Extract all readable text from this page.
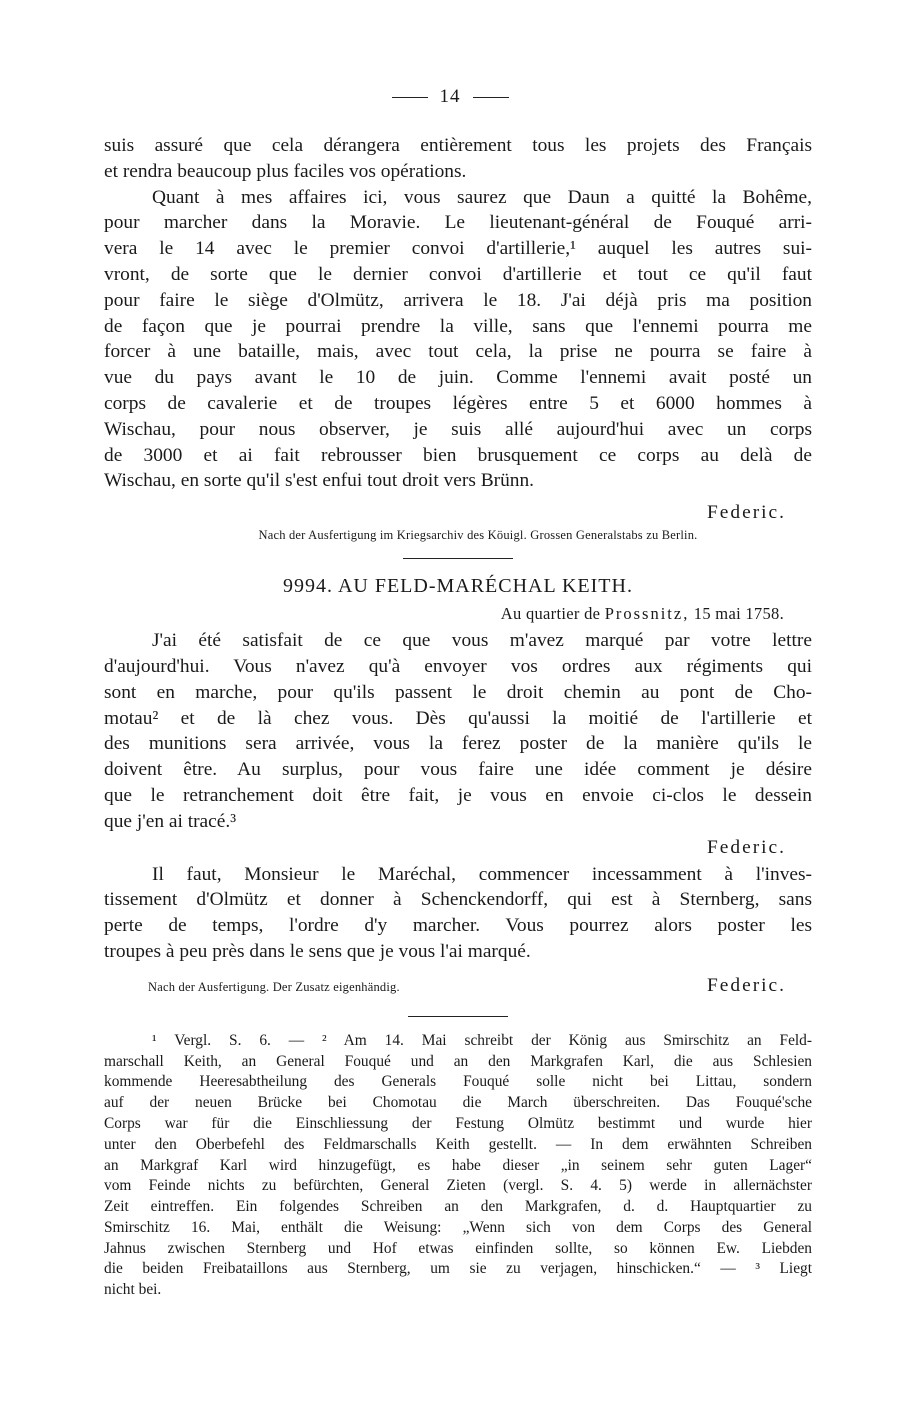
14
suis assuré que cela dérangera entièrement tous les projets des Français
et rendra beaucoup plus faciles vos opérations.
Quant à mes affaires ici, vous saurez que Daun a quitté la Bohême,
pour marcher dans la Moravie. Le lieutenant-général de Fouqué arri-
vera le 14 avec le premier convoi d'artillerie,¹ auquel les autres sui-
vront, de sorte que le dernier convoi d'artillerie et tout ce qu'il faut
pour faire le siège d'Olmütz, arrivera le 18. J'ai déjà pris ma position
de façon que je pourrai prendre la ville, sans que l'ennemi pourra me
forcer à une bataille, mais, avec tout cela, la prise ne pourra se faire à
vue du pays avant le 10 de juin. Comme l'ennemi avait posté un
corps de cavalerie et de troupes légères entre 5 et 6000 hommes à
Wischau, pour nous observer, je suis allé aujourd'hui avec un corps
de 3000 et ai fait rebrousser bien brusquement ce corps au delà de
Wischau, en sorte qu'il s'est enfui tout droit vers Brünn.

Federic.

Nach der Ausfertigung im Kriegsarchiv des Köuigl. Grossen Generalstabs zu Berlin.

9994. AU FELD-MARÉCHAL KEITH.

Au quartier de Prossnitz, 15 mai 1758.

J'ai été satisfait de ce que vous m'avez marqué par votre lettre
d'aujourd'hui. Vous n'avez qu'à envoyer vos ordres aux régiments qui
sont en marche, pour qu'ils passent le droit chemin au pont de Cho-
motau² et de là chez vous. Dès qu'aussi la moitié de l'artillerie et
des munitions sera arrivée, vous la ferez poster de la manière qu'ils le
doivent être. Au surplus, pour vous faire une idée comment je désire
que le retranchement doit être fait, je vous en envoie ci-clos le dessein
que j'en ai tracé.³

Federic.

Il faut, Monsieur le Maréchal, commencer incessamment à l'inves-
tissement d'Olmütz et donner à Schenckendorff, qui est à Sternberg, sans
perte de temps, l'ordre d'y marcher. Vous pourrez alors poster les
troupes à peu près dans le sens que je vous l'ai marqué.
Nach der Ausfertigung. Der Zusatz eigenhändig.	Federic.
¹ Vergl. S. 6. — ² Am 14. Mai schreibt der König aus Smirschitz an Feld-
marschall Keith, an General Fouqué und an den Markgrafen Karl, die aus Schlesien
kommende Heeresabtheilung des Generals Fouqué solle nicht bei Littau, sondern
auf der neuen Brücke bei Chomotau die March überschreiten. Das Fouqué'sche
Corps war für die Einschliessung der Festung Olmütz bestimmt und wurde hier
unter den Oberbefehl des Feldmarschalls Keith gestellt. — In dem erwähnten Schreiben
an Markgraf Karl wird hinzugefügt, es habe dieser „in seinem sehr guten Lager“
vom Feinde nichts zu befürchten, General Zieten (vergl. S. 4. 5) werde in allernächster
Zeit eintreffen. Ein folgendes Schreiben an den Markgrafen, d. d. Hauptquartier zu
Smirschitz 16. Mai, enthält die Weisung: „Wenn sich von dem Corps des General
Jahnus zwischen Sternberg und Hof etwas einfinden sollte, so können Ew. Liebden
die beiden Freibataillons aus Sternberg, um sie zu verjagen, hinschicken.“ — ³ Liegt
nicht bei.
